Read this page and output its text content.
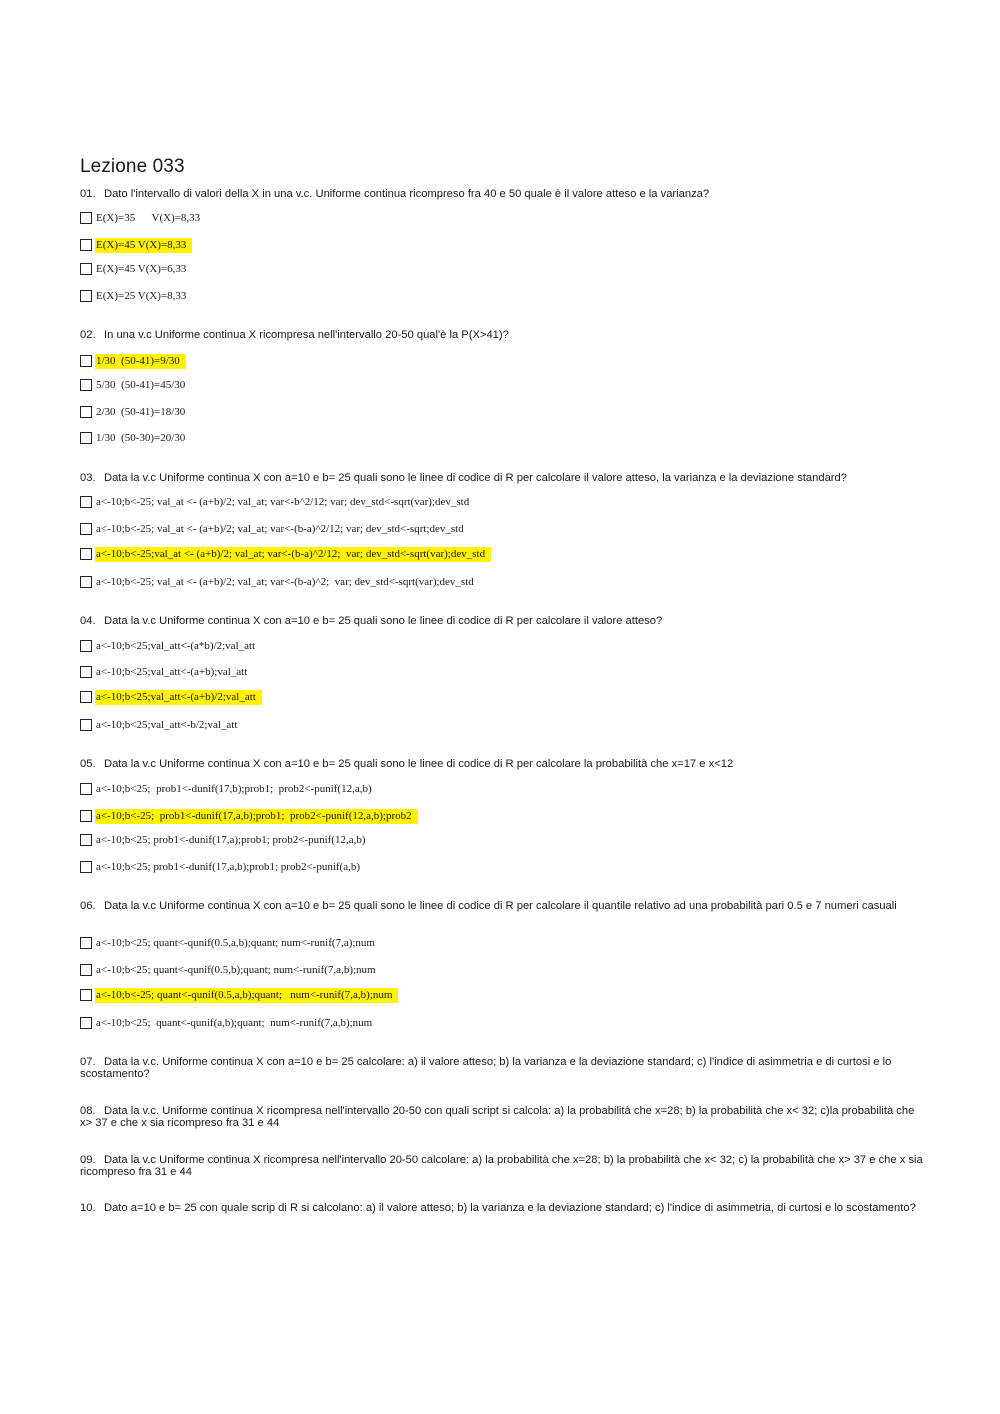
Lezione 033
01. Dato l'intervallo di valori della X in una v.c. Uniforme continua ricompreso fra 40 e 50 quale è il valore atteso e la varianza?
E(X)=35      V(X)=8,33
E(X)=45 V(X)=8,33
E(X)=45 V(X)=6,33
E(X)=25 V(X)=8,33
02. In una v.c Uniforme continua X ricompresa nell'intervallo 20-50 qual'è la P(X>41)?
1/30  (50-41)=9/30
5/30  (50-41)=45/30
2/30  (50-41)=18/30
1/30  (50-30)=20/30
03. Data la v.c Uniforme continua X con a=10 e b= 25 quali sono le linee di codice di R per calcolare il valore atteso, la varianza e la deviazione standard?
a<-10;b<-25; val_at <- (a+b)/2; val_at; var<-b^2/12; var; dev_std<-sqrt(var);dev_std
a<-10;b<-25; val_at <- (a+b)/2; val_at; var<-(b-a)^2/12; var; dev_std<-sqrt;dev_std
a<-10;b<-25;val_at <- (a+b)/2; val_at; var<-(b-a)^2/12;  var; dev_std<-sqrt(var);dev_std
a<-10;b<-25; val_at <- (a+b)/2; val_at; var<-(b-a)^2;  var; dev_std<-sqrt(var);dev_std
04. Data la v.c Uniforme continua X con a=10 e b= 25 quali sono le linee di codice di R per calcolare il valore atteso?
a<-10;b<25;val_att<-(a*b)/2;val_att
a<-10;b<25;val_att<-(a+b);val_att
a<-10;b<25;val_att<-(a+b)/2;val_att
a<-10;b<25;val_att<-b/2;val_att
05. Data la v.c Uniforme continua X con a=10 e b= 25 quali sono le linee di codice di R per calcolare la probabilità che x=17 e x<12
a<-10;b<25;  prob1<-dunif(17,b);prob1;  prob2<-punif(12,a,b)
a<-10;b<-25;  prob1<-dunif(17,a,b);prob1;  prob2<-punif(12,a,b);prob2
a<-10;b<25; prob1<-dunif(17,a);prob1; prob2<-punif(12,a,b)
a<-10;b<25; prob1<-dunif(17,a,b);prob1; prob2<-punif(a,b)
06. Data la v.c Uniforme continua X con a=10 e b= 25 quali sono le linee di codice di R per calcolare il quantile relativo ad una probabilità pari 0.5 e 7 numeri casuali
a<-10;b<25; quant<-qunif(0.5,a,b);quant; num<-runif(7,a);num
a<-10;b<25; quant<-qunif(0.5,b);quant; num<-runif(7,a,b);num
a<-10;b<-25; quant<-qunif(0.5,a,b);quant;   num<-runif(7,a,b);num
a<-10;b<25;  quant<-qunif(a,b);quant;  num<-runif(7,a,b);num
07. Data la v.c. Uniforme continua X con a=10 e b= 25 calcolare: a) il valore atteso; b) la varianza e la deviazione standard; c) l'indice di asimmetria e di curtosi e lo scostamento?
08. Data la v.c. Uniforme continua X ricompresa nell'intervallo 20-50 con quali script si calcola: a) la probabilità che x=28; b) la probabilità che x< 32; c)la probabilità che x> 37 e che x sia ricompreso fra 31 e 44
09. Data la v.c Uniforme continua X ricompresa nell'intervallo 20-50 calcolare: a) la probabilità che x=28; b) la probabilità che x< 32; c) la probabilità che x> 37 e che x sia ricompreso fra 31 e 44
10. Dato a=10 e b= 25 con quale scrip di R si calcolano: a) il valore atteso; b) la varianza e la deviazione standard; c) l'indice di asimmetria, di curtosi e lo scostamento?
